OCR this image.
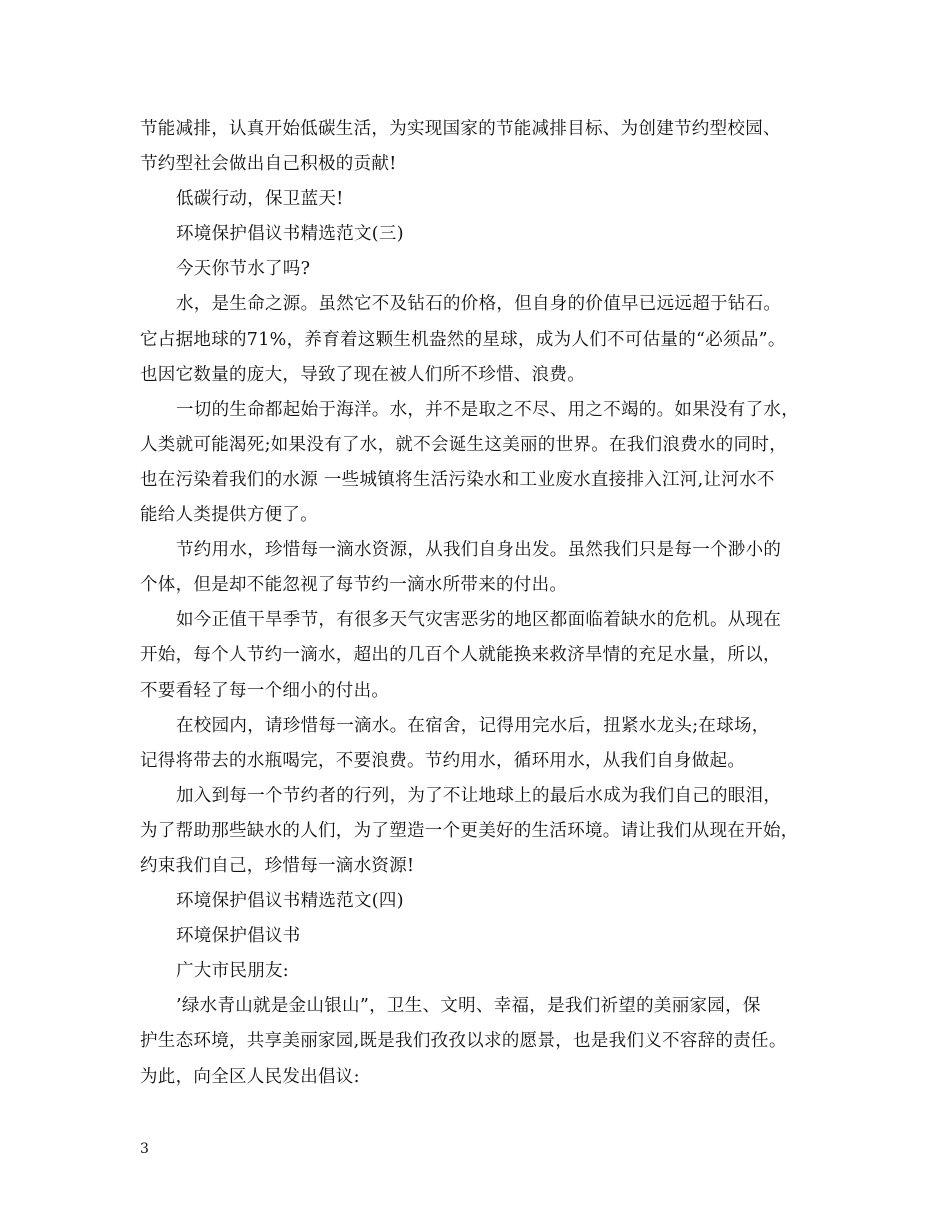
节能减排，认真开始低碳生活，为实现国家的节能减排目标、为创建节约型校园、
节约型社会做出自己积极的贡献!
低碳行动，保卫蓝天!
环境保护倡议书精选范文(三)
今天你节水了吗?
水，是生命之源。虽然它不及钻石的价格，但自身的价值早已远远超于钻石。
它占据地球的71%，养育着这颗生机盎然的星球，成为人们不可估量的“必须品”。
也因它数量的庞大，导致了现在被人们所不珍惜、浪费。
一切的生命都起始于海洋。水，并不是取之不尽、用之不竭的。如果没有了水，
人类就可能渴死;如果没有了水，就不会诞生这美丽的世界。在我们浪费水的同时，
也在污染着我们的水源 一些城镇将生活污染水和工业废水直接排入江河,让河水不
能给人类提供方便了。
节约用水，珍惜每一滴水资源，从我们自身出发。虽然我们只是每一个渺小的
个体，但是却不能忽视了每节约一滴水所带来的付出。
如今正值干旱季节，有很多天气灾害恶劣的地区都面临着缺水的危机。从现在
开始，每个人节约一滴水，超出的几百个人就能换来救济旱情的充足水量，所以，
不要看轻了每一个细小的付出。
在校园内，请珍惜每一滴水。在宿舍，记得用完水后，扭紧水龙头;在球场，
记得将带去的水瓶喝完，不要浪费。节约用水，循环用水，从我们自身做起。
加入到每一个节约者的行列，为了不让地球上的最后水成为我们自己的眼泪，
为了帮助那些缺水的人们，为了塑造一个更美好的生活环境。请让我们从现在开始，
约束我们自己，珍惜每一滴水资源!
环境保护倡议书精选范文(四)
环境保护倡议书
广大市民朋友:
’绿水青山就是金山银山”，卫生、文明、幸福，是我们祈望的美丽家园，保
护生态环境，共享美丽家园,既是我们孜孜以求的愿景，也是我们义不容辞的责任。
为此，向全区人民发出倡议:
3
